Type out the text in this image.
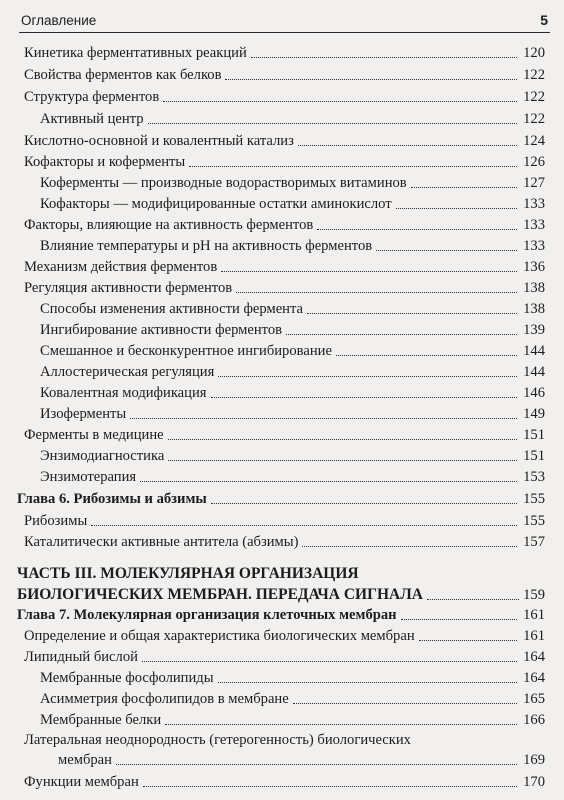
Оглавление	5
Кинетика ферментативных реакций	120
Свойства ферментов как белков	122
Структура ферментов	122
Активный центр	122
Кислотно-основной и ковалентный катализ	124
Кофакторы и коферменты	126
Коферменты — производные водорастворимых витаминов	127
Кофакторы — модифицированные остатки аминокислот	133
Факторы, влияющие на активность ферментов	133
Влияние температуры и pH на активность ферментов	133
Механизм действия ферментов	136
Регуляция активности ферментов	138
Способы изменения активности фермента	138
Ингибирование активности ферментов	139
Смешанное и бесконкурентное ингибирование	144
Аллостерическая регуляция	144
Ковалентная модификация	146
Изоферменты	149
Ферменты в медицине	151
Энзимодиагностика	151
Энзимотерапия	153
Глава 6. Рибозимы и абзимы	155
Рибозимы	155
Каталитически активные антитела (абзимы)	157
ЧАСТЬ III. МОЛЕКУЛЯРНАЯ ОРГАНИЗАЦИЯ
БИОЛОГИЧЕСКИХ МЕМБРАН. ПЕРЕДАЧА СИГНАЛА	159
Глава 7. Молекулярная организация клеточных мембран	161
Определение и общая характеристика биологических мембран	161
Липидный бислой	164
Мембранные фосфолипиды	164
Асимметрия фосфолипидов в мембране	165
Мембранные белки	166
Латеральная неоднородность (гетерогенность) биологических
мембран	169
Функции мембран	170
